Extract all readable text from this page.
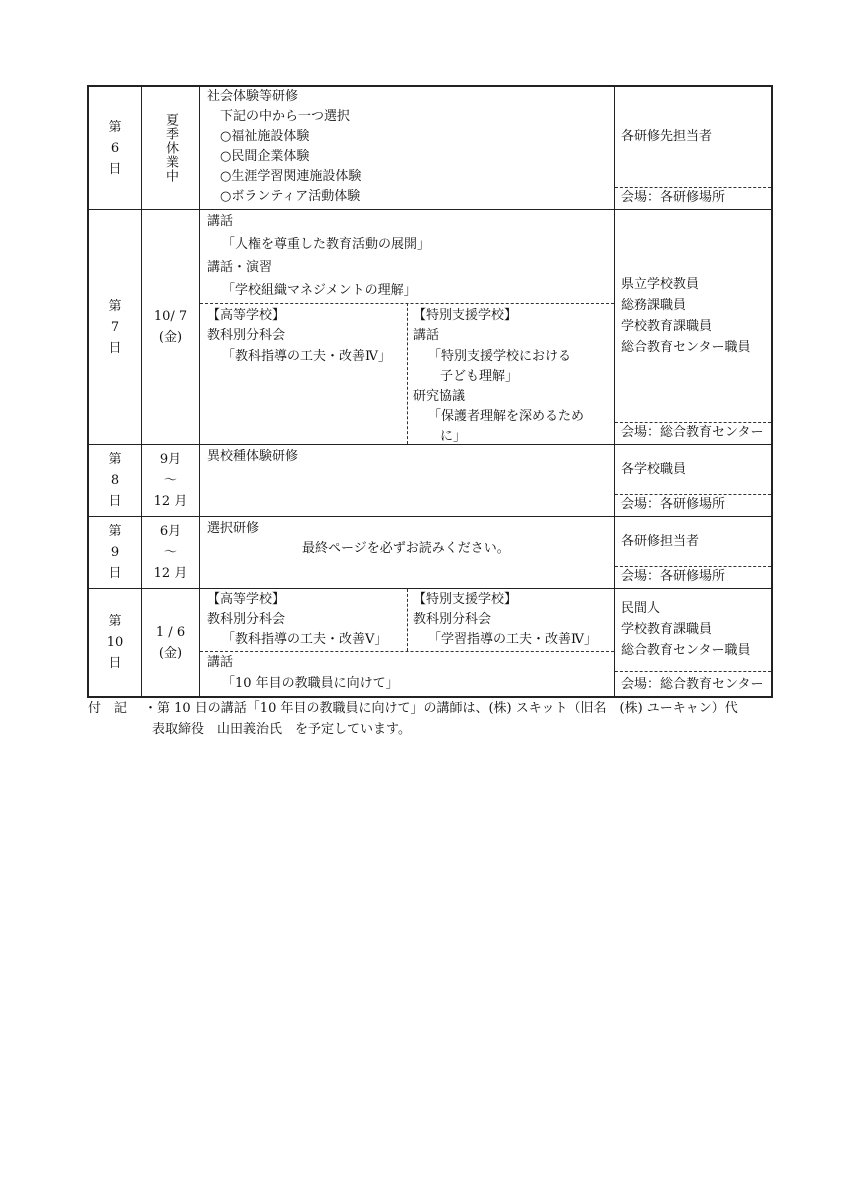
第
6
日	夏季休業中
社会体験等研修
下記の中から一つ選択
○福祉施設体験
○民間企業体験
○生涯学習関連施設体験
○ボランティア活動体験
各研修先担当者
会場：各研修場所
第
7
日
10/ 7
(金)
講話
「人権を尊重した教育活動の展開」
講話・演習
「学校組織マネジメントの理解」
【高等学校】
教科別分科会
「教科指導の工夫・改善Ⅳ」
【特別支援学校】
講話
「特別支援学校における
子ども理解」
研究協議
「保護者理解を深めるため
に」
県立学校教員
総務課職員
学校教育課職員
総合教育センター職員
会場：総合教育センター
第
8
日
9月
～
12 月
異校種体験研修
各学校職員
会場：各研修場所
第
9
日
6月
～
12 月
選択研修
最終ページを必ずお読みください。	各研修担当者
会場：各研修場所
第
10
日
1 / 6
(金)
【高等学校】
教科別分科会
「教科指導の工夫・改善Ⅴ」
【特別支援学校】
教科別分科会
「学習指導の工夫・改善Ⅳ」
講話
「10 年目の教職員に向けて」
民間人
学校教育課職員
総合教育センター職員
会場：総合教育センター
付　記 ・第 10 日の講話「10 年目の教職員に向けて」の講師は、(株) スキット（旧名　(株) ユーキャン）代
表取締役　山田義治氏　を予定しています。
